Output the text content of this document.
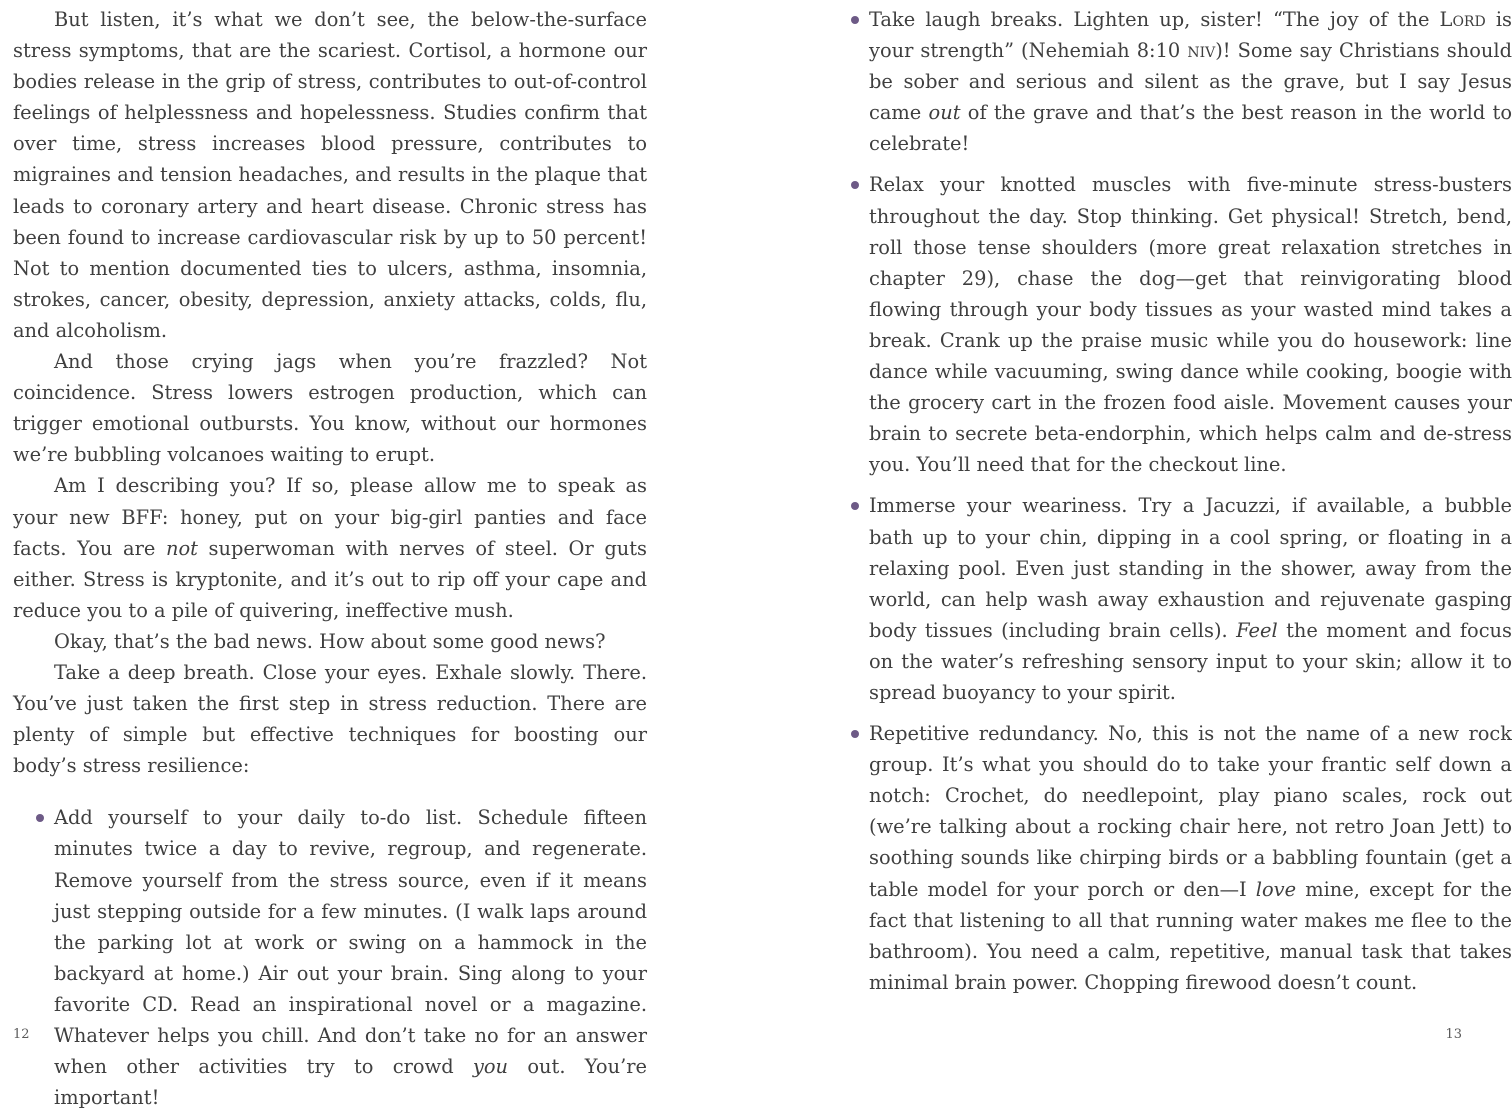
But listen, it’s what we don’t see, the below-the-surface stress symptoms, that are the scariest. Cortisol, a hormone our bodies release in the grip of stress, contributes to out-of-control feelings of helplessness and hopelessness. Studies confirm that over time, stress increases blood pressure, contributes to migraines and tension headaches, and results in the plaque that leads to coronary artery and heart disease. Chronic stress has been found to increase cardiovascular risk by up to 50 percent! Not to mention documented ties to ulcers, asthma, insomnia, strokes, cancer, obesity, depression, anxiety attacks, colds, flu, and alcoholism.

And those crying jags when you’re frazzled? Not coincidence. Stress lowers estrogen production, which can trigger emotional outbursts. You know, without our hormones we’re bubbling volcanoes waiting to erupt.

Am I describing you? If so, please allow me to speak as your new BFF: honey, put on your big-girl panties and face facts. You are not superwoman with nerves of steel. Or guts either. Stress is kryptonite, and it’s out to rip off your cape and reduce you to a pile of quivering, ineffective mush.

Okay, that’s the bad news. How about some good news?

Take a deep breath. Close your eyes. Exhale slowly. There. You’ve just taken the first step in stress reduction. There are plenty of simple but effective techniques for boosting our body’s stress resilience:

Add yourself to your daily to-do list. Schedule fifteen minutes twice a day to revive, regroup, and regenerate. Remove yourself from the stress source, even if it means just stepping outside for a few minutes. (I walk laps around the parking lot at work or swing on a hammock in the backyard at home.) Air out your brain. Sing along to your favorite CD. Read an inspirational novel or a magazine. Whatever helps you chill. And don’t take no for an answer when other activities try to crowd you out. You’re important!
12
Take laugh breaks. Lighten up, sister! “The joy of the Lord is your strength” (Nehemiah 8:10 niv)! Some say Christians should be sober and serious and silent as the grave, but I say Jesus came out of the grave and that’s the best reason in the world to celebrate!
Relax your knotted muscles with five-minute stress-busters throughout the day. Stop thinking. Get physical! Stretch, bend, roll those tense shoulders (more great relaxation stretches in chapter 29), chase the dog—get that reinvigorating blood flowing through your body tissues as your wasted mind takes a break. Crank up the praise music while you do housework: line dance while vacuuming, swing dance while cooking, boogie with the grocery cart in the frozen food aisle. Movement causes your brain to secrete beta-endorphin, which helps calm and de-stress you. You’ll need that for the checkout line.
Immerse your weariness. Try a Jacuzzi, if available, a bubble bath up to your chin, dipping in a cool spring, or floating in a relaxing pool. Even just standing in the shower, away from the world, can help wash away exhaustion and rejuvenate gasping body tissues (including brain cells). Feel the moment and focus on the water’s refreshing sensory input to your skin; allow it to spread buoyancy to your spirit.
Repetitive redundancy. No, this is not the name of a new rock group. It’s what you should do to take your frantic self down a notch: Crochet, do needlepoint, play piano scales, rock out (we’re talking about a rocking chair here, not retro Joan Jett) to soothing sounds like chirping birds or a babbling fountain (get a table model for your porch or den—I love mine, except for the fact that listening to all that running water makes me flee to the bathroom). You need a calm, repetitive, manual task that takes minimal brain power. Chopping firewood doesn’t count.
13
